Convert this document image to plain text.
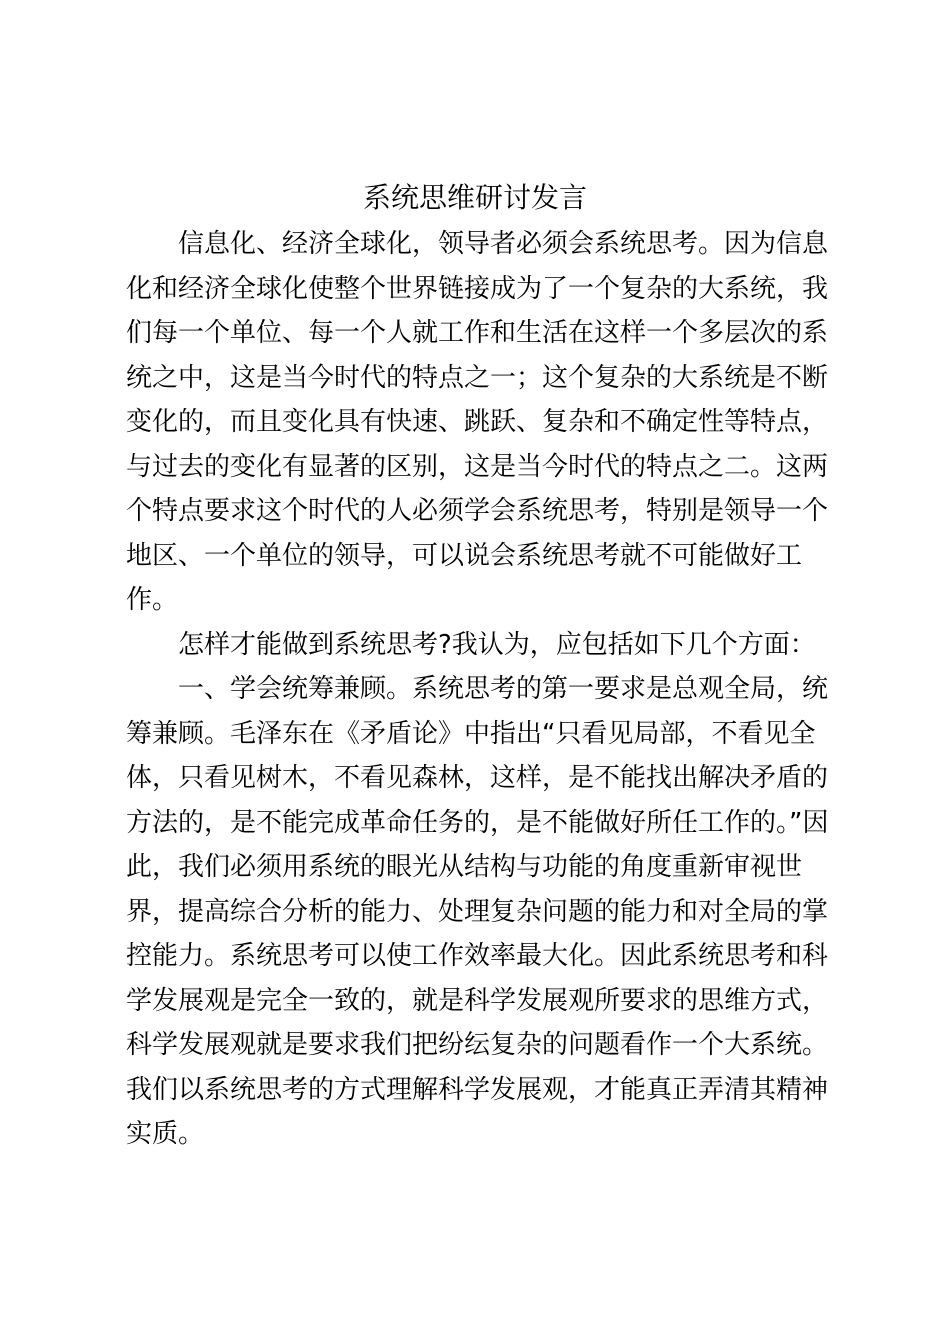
系统思维研讨发言

信息化、经济全球化，领导者必须会系统思考。因为信息
化和经济全球化使整个世界链接成为了一个复杂的大系统，我
们每一个单位、每一个人就工作和生活在这样一个多层次的系
统之中，这是当今时代的特点之一；这个复杂的大系统是不断
变化的，而且变化具有快速、跳跃、复杂和不确定性等特点，
与过去的变化有显著的区别，这是当今时代的特点之二。这两
个特点要求这个时代的人必须学会系统思考，特别是领导一个
地区、一个单位的领导，可以说会系统思考就不可能做好工
作。

怎样才能做到系统思考?我认为，应包括如下几个方面：

一、学会统筹兼顾。系统思考的第一要求是总观全局，统
筹兼顾。毛泽东在《矛盾论》中指出“只看见局部，不看见全
体，只看见树木，不看见森林，这样，是不能找出解决矛盾的
方法的，是不能完成革命任务的，是不能做好所任工作的。”因
此，我们必须用系统的眼光从结构与功能的角度重新审视世
界，提高综合分析的能力、处理复杂问题的能力和对全局的掌
控能力。系统思考可以使工作效率最大化。因此系统思考和科
学发展观是完全一致的，就是科学发展观所要求的思维方式，
科学发展观就是要求我们把纷纭复杂的问题看作一个大系统。
我们以系统思考的方式理解科学发展观，才能真正弄清其精神
实质。
